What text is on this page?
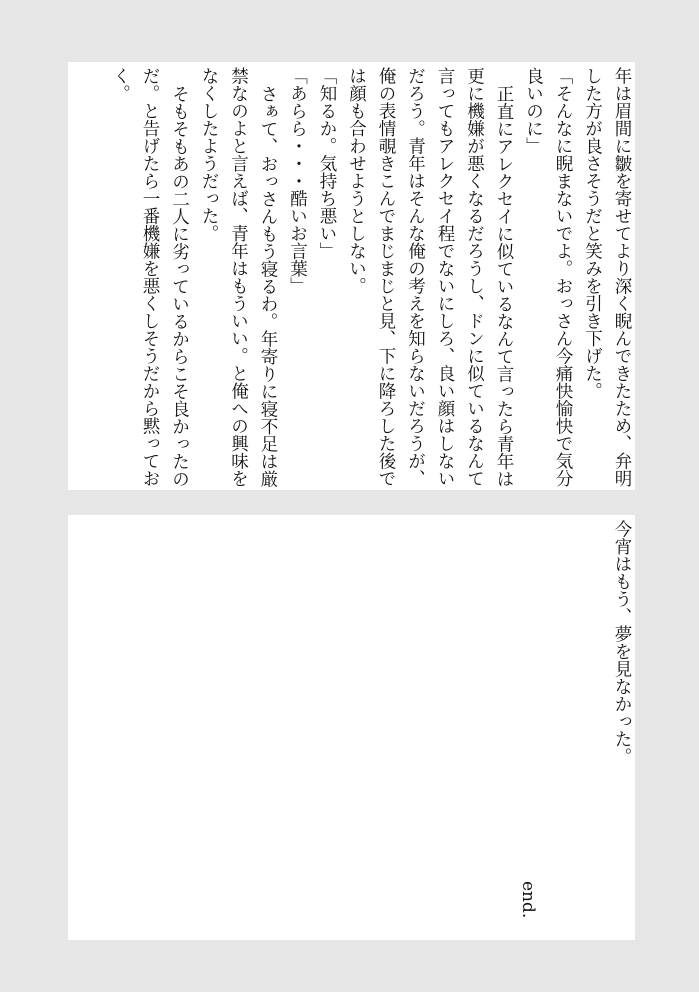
年は眉間に皺を寄せてより深く睨んできたため、弁明した方が良さそうだと笑みを引き下げた。

「そんなに睨まないでよ。おっさん今痛快愉快で気分良いのに」

正直にアレクセイに似ているなんて言ったら青年は更に機嫌が悪くなるだろうし、ドンに似ているなんて言ってもアレクセイ程でないにしろ、良い顔はしないだろう。青年はそんな俺の考えを知らないだろうが、俺の表情覗きこんでまじまじと見、下に降ろした後では顔も合わせようとしない。

「知るか。気持ち悪い」

「あらら・・・酷いお言葉」

さぁて、おっさんもう寝るわ。年寄りに寝不足は厳禁なのよと言えば、青年はもういい。と俺への興味をなくしたようだった。

そもそもあの二人に劣っているからこそ良かったのだ。と告げたら一番機嫌を悪くしそうだから黙っておく。

今宵はもう、夢を見なかった。

end.
